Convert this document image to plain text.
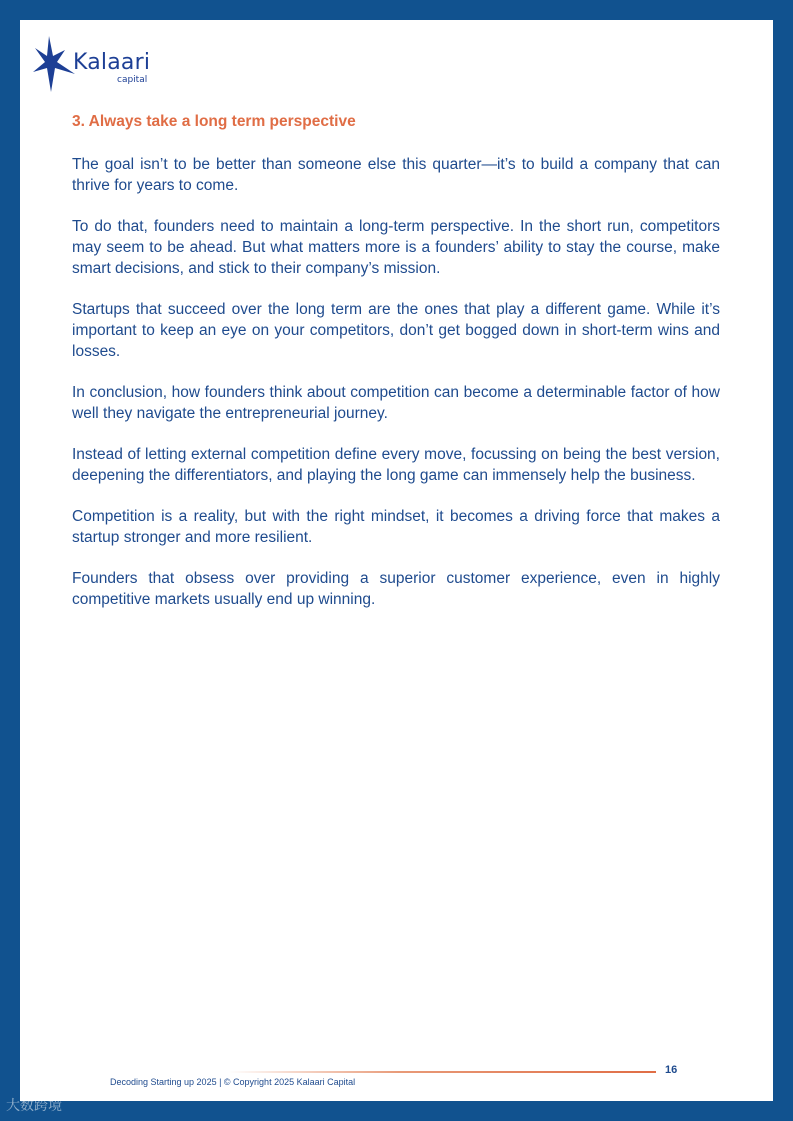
Kalaari
capital
3. Always take a long term perspective

The goal isn’t to be better than someone else this quarter—it’s to build a company that can thrive for years to come.

To do that, founders need to maintain a long-term perspective. In the short run, competitors may seem to be ahead. But what matters more is a founders’ ability to stay the course, make smart decisions, and stick to their company’s mission.

Startups that succeed over the long term are the ones that play a different game. While it’s important to keep an eye on your competitors, don’t get bogged down in short-term wins and losses.

In conclusion, how founders think about competition can become a determinable factor of how well they navigate the entrepreneurial journey.

Instead of letting external competition define every move, focussing on being the best version, deepening the differentiators, and playing the long game can immensely help the business.

Competition is a reality, but with the right mindset, it becomes a driving force that makes a startup stronger and more resilient.

Founders that obsess over providing a superior customer experience, even in highly competitive markets usually end up winning.

Decoding Starting up 2025 | © Copyright 2025 Kalaari Capital
16
大数跨境
